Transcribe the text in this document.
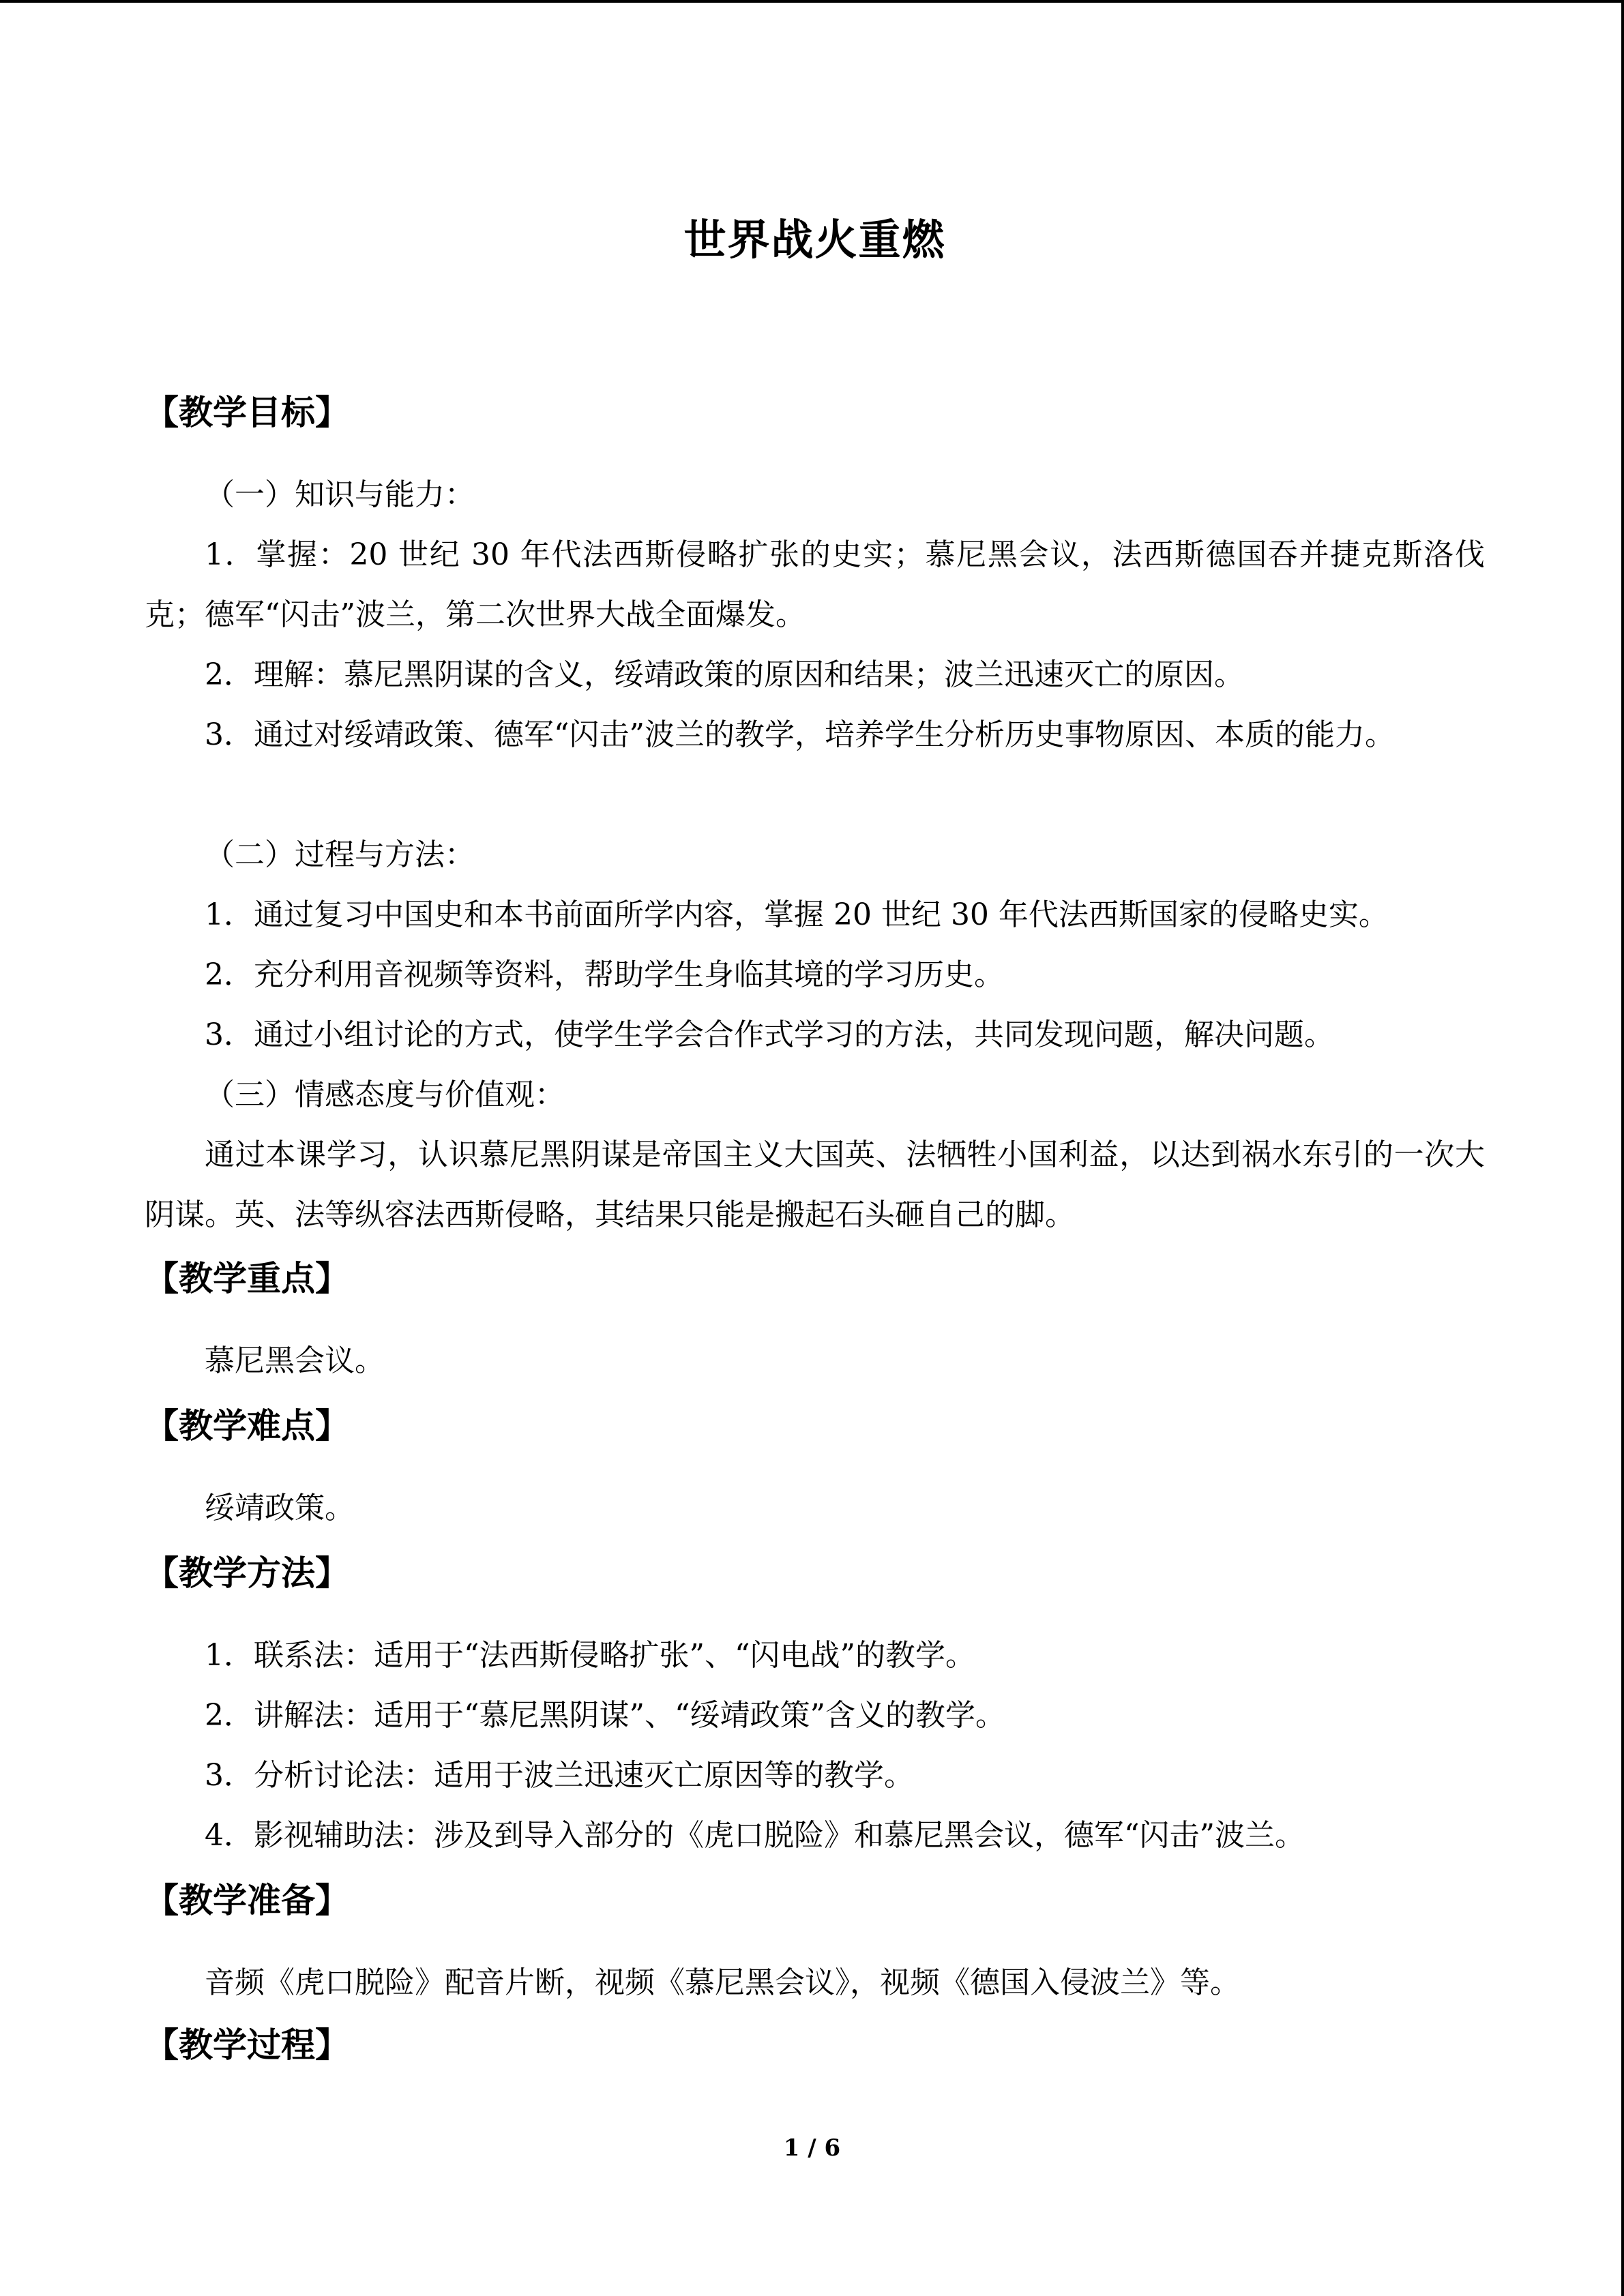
世界战火重燃
【教学目标】
（一）知识与能力：
1．掌握：20 世纪 30 年代法西斯侵略扩张的史实；慕尼黑会议，法西斯德国吞并捷克斯洛伐克；德军“闪击”波兰，第二次世界大战全面爆发。
2．理解：慕尼黑阴谋的含义，绥靖政策的原因和结果；波兰迅速灭亡的原因。
3．通过对绥靖政策、德军“闪击”波兰的教学，培养学生分析历史事物原因、本质的能力。
（二）过程与方法：
1．通过复习中国史和本书前面所学内容，掌握 20 世纪 30 年代法西斯国家的侵略史实。
2．充分利用音视频等资料，帮助学生身临其境的学习历史。
3．通过小组讨论的方式，使学生学会合作式学习的方法，共同发现问题，解决问题。
（三）情感态度与价值观：
通过本课学习，认识慕尼黑阴谋是帝国主义大国英、法牺牲小国利益，以达到祸水东引的一次大阴谋。英、法等纵容法西斯侵略，其结果只能是搬起石头砸自己的脚。
【教学重点】
慕尼黑会议。
【教学难点】
绥靖政策。
【教学方法】
1．联系法：适用于“法西斯侵略扩张”、“闪电战”的教学。
2．讲解法：适用于“慕尼黑阴谋”、“绥靖政策”含义的教学。
3．分析讨论法：适用于波兰迅速灭亡原因等的教学。
4．影视辅助法：涉及到导入部分的《虎口脱险》和慕尼黑会议，德军“闪击”波兰。
【教学准备】
音频《虎口脱险》配音片断，视频《慕尼黑会议》，视频《德国入侵波兰》等。
【教学过程】
1 / 6
